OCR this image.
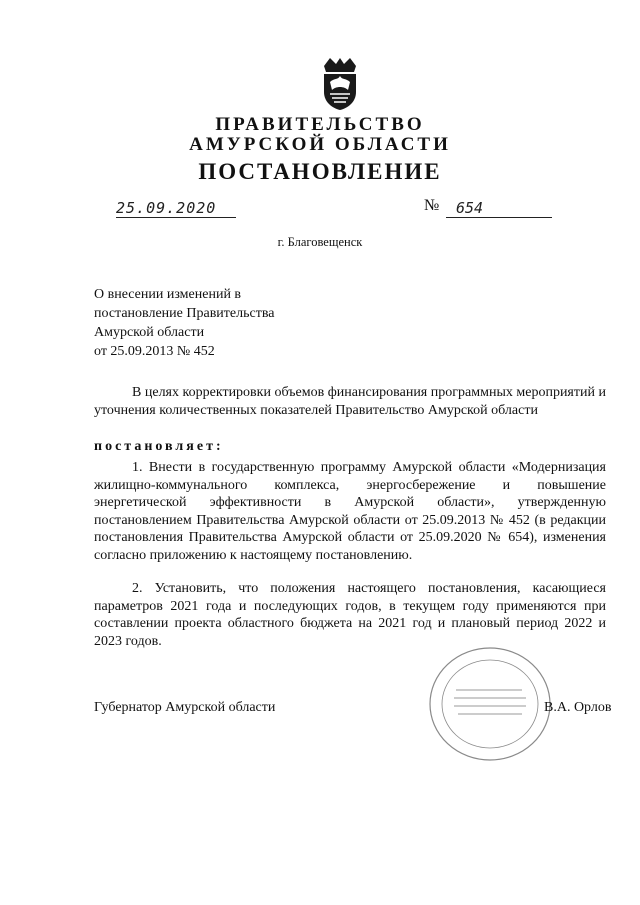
ПРАВИТЕЛЬСТВО
АМУРСКОЙ ОБЛАСТИ
ПОСТАНОВЛЕНИЕ
25.09.2020	№	654
г. Благовещенск
О внесении изменений в
постановление Правительства
Амурской области
от 25.09.2013 № 452
В целях корректировки объемов финансирования программных мероприятий и уточнения количественных показателей Правительство Амурской области
постановляет:
1. Внести в государственную программу Амурской области «Модернизация жилищно-коммунального комплекса, энергосбережение и повышение энергетической эффективности в Амурской области», утвержденную постановлением Правительства Амурской области от 25.09.2013 № 452 (в редакции постановления Правительства Амурской области от 25.09.2020 № 654), изменения согласно приложению к настоящему постановлению.
2. Установить, что положения настоящего постановления, касающиеся параметров 2021 года и последующих годов, в текущем году применяются при составлении проекта областного бюджета на 2021 год и плановый период 2022 и 2023 годов.
Губернатор Амурской области	В.А. Орлов
